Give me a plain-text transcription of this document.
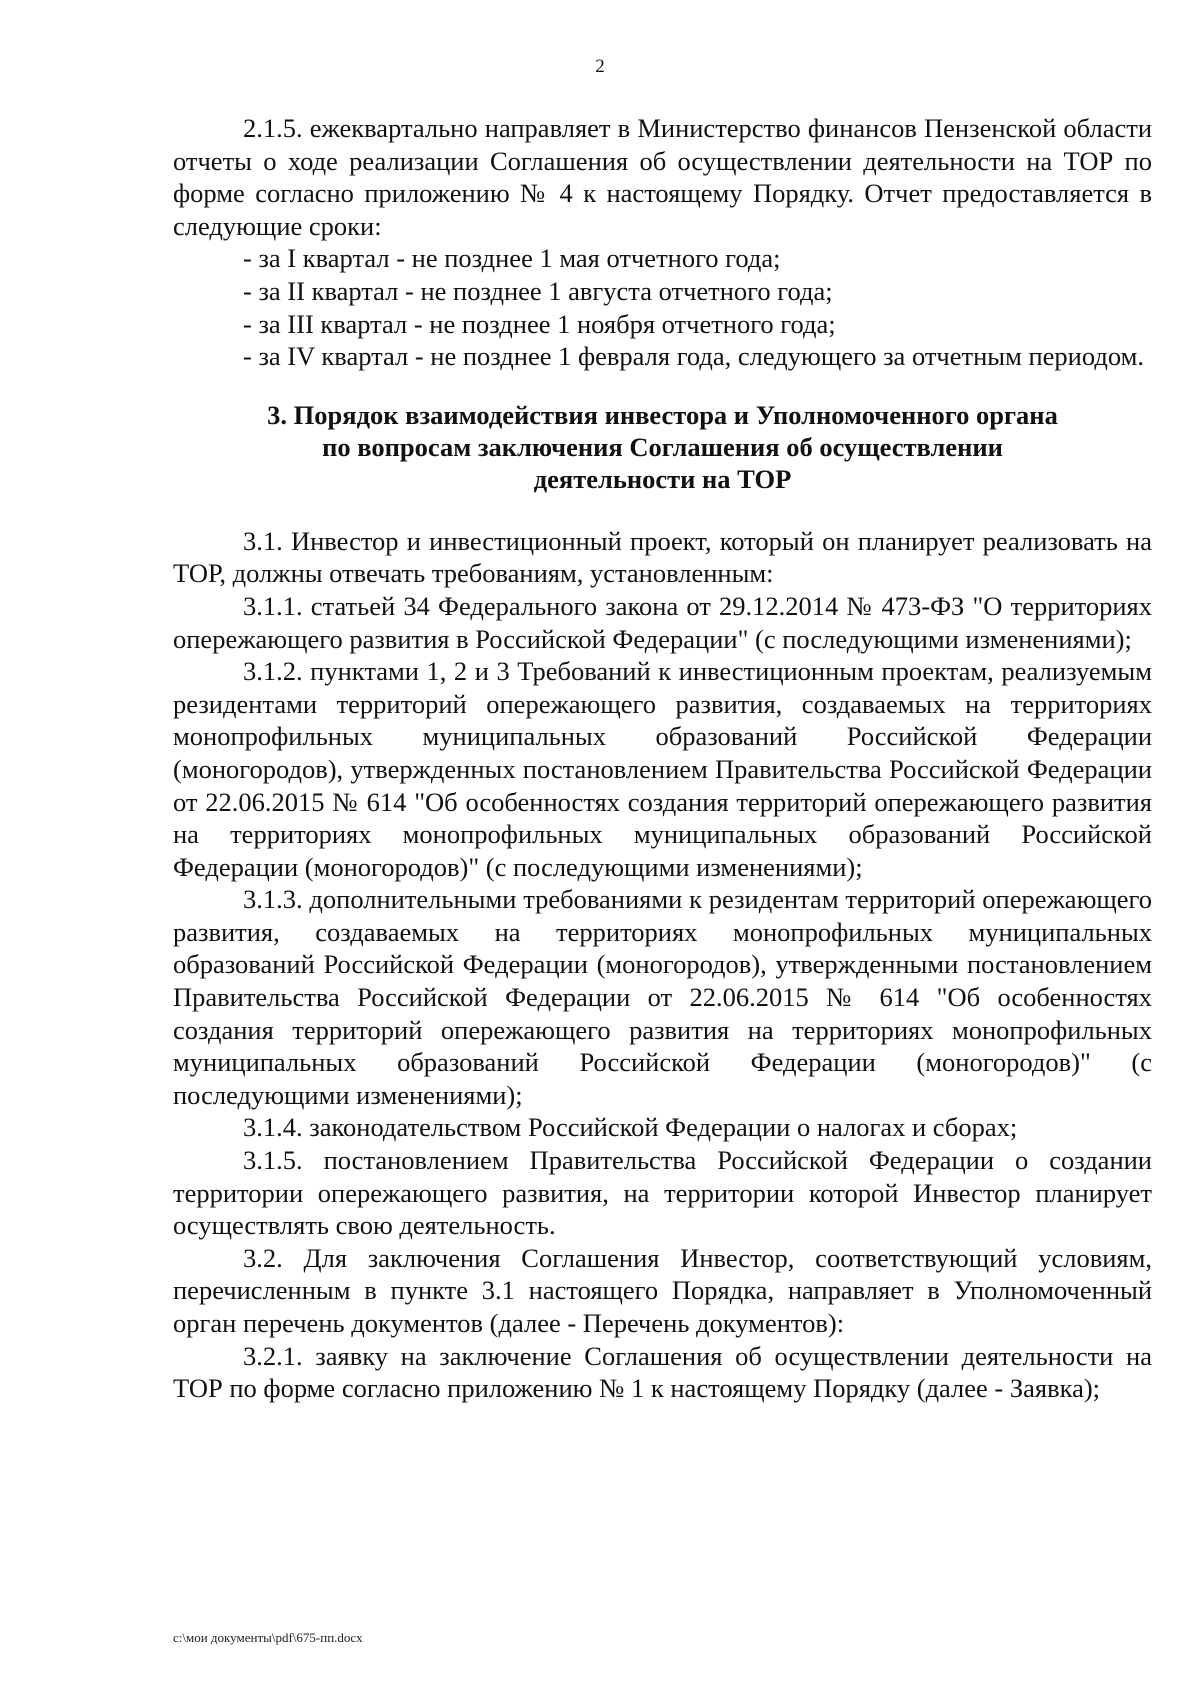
2

2.1.5. ежеквартально направляет в Министерство финансов Пензенской области отчеты о ходе реализации Соглашения об осуществлении деятельности на ТОР по форме согласно приложению № 4 к настоящему Порядку. Отчет предоставляется в следующие сроки:

- за I квартал - не позднее 1 мая отчетного года;

- за II квартал - не позднее 1 августа отчетного года;

- за III квартал - не позднее 1 ноября отчетного года;

- за IV квартал - не позднее 1 февраля года, следующего за отчетным периодом.

3. Порядок взаимодействия инвестора и Уполномоченного органа
по вопросам заключения Соглашения об осуществлении
деятельности на ТОР

3.1. Инвестор и инвестиционный проект, который он планирует реализовать на ТОР, должны отвечать требованиям, установленным:

3.1.1. статьей 34 Федерального закона от 29.12.2014 № 473-ФЗ "О территориях опережающего развития в Российской Федерации" (с последующими изменениями);

3.1.2. пунктами 1, 2 и 3 Требований к инвестиционным проектам, реализуемым резидентами территорий опережающего развития, создаваемых на территориях монопрофильных муниципальных образований Российской Федерации (моногородов), утвержденных постановлением Правительства Российской Федерации от 22.06.2015 № 614 "Об особенностях создания территорий опережающего развития на территориях монопрофильных муниципальных образований Российской Федерации (моногородов)" (с последующими изменениями);

3.1.3. дополнительными требованиями к резидентам территорий опережающего развития, создаваемых на территориях монопрофильных муниципальных образований Российской Федерации (моногородов), утвержденными постановлением Правительства Российской Федерации от 22.06.2015 № 614 "Об особенностях создания территорий опережающего развития на территориях монопрофильных муниципальных образований Российской Федерации (моногородов)" (с последующими изменениями);

3.1.4. законодательством Российской Федерации о налогах и сборах;

3.1.5. постановлением Правительства Российской Федерации о создании территории опережающего развития, на территории которой Инвестор планирует осуществлять свою деятельность.

3.2. Для заключения Соглашения Инвестор, соответствующий условиям, перечисленным в пункте 3.1 настоящего Порядка, направляет в Уполномоченный орган перечень документов (далее - Перечень документов):

3.2.1. заявку на заключение Соглашения об осуществлении деятельности на ТОР по форме согласно приложению № 1 к настоящему Порядку (далее - Заявка);

c:\мои документы\pdf\675-пп.docx
